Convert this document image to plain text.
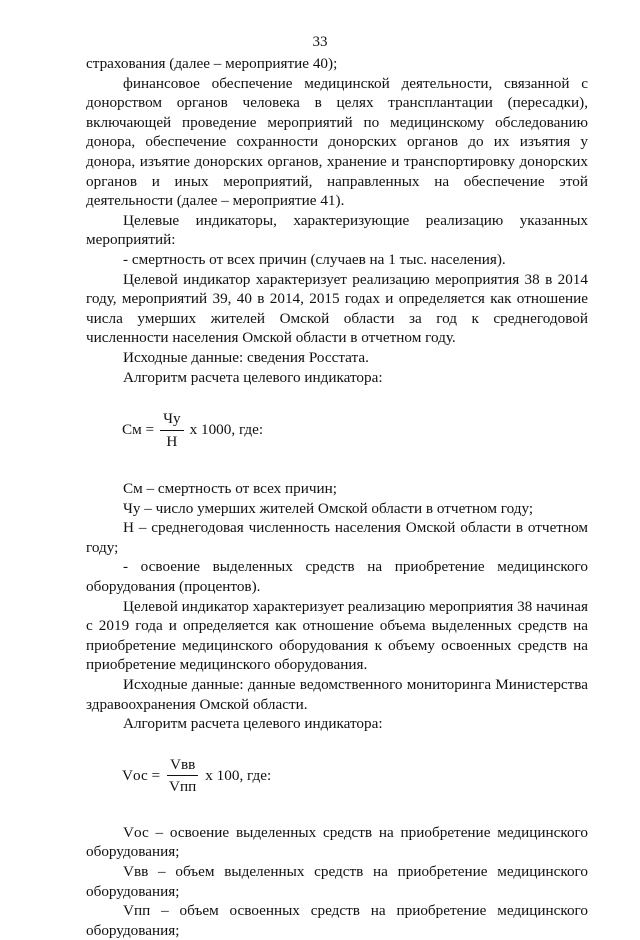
33

страхования (далее – мероприятие 40);

финансовое обеспечение медицинской деятельности, связанной с донорством органов человека в целях трансплантации (пересадки), включающей проведение мероприятий по медицинскому обследованию донора, обеспечение сохранности донорских органов до их изъятия у донора, изъятие донорских органов, хранение и транспортировку донорских органов и иных мероприятий, направленных на обеспечение этой деятельности (далее – мероприятие 41).

Целевые индикаторы, характеризующие реализацию указанных мероприятий:

- смертность от всех причин (случаев на 1 тыс. населения).

Целевой индикатор характеризует реализацию мероприятия 38 в 2014 году, мероприятий 39, 40 в 2014, 2015 годах и определяется как отношение числа умерших жителей Омской области за год к среднегодовой численности населения Омской области в отчетном году.

Исходные данные: сведения Росстата.

Алгоритм расчета целевого индикатора:

См = $\frac{Чу}{Н}$ x 1000, где:

См – смертность от всех причин;

Чу – число умерших жителей Омской области в отчетном году;

Н – среднегодовая численность населения Омской области в отчетном году;

- освоение выделенных средств на приобретение медицинского оборудования (процентов).

Целевой индикатор характеризует реализацию мероприятия 38 начиная с 2019 года и определяется как отношение объема выделенных средств на приобретение медицинского оборудования к объему освоенных средств на приобретение медицинского оборудования.

Исходные данные: данные ведомственного мониторинга Министерства здравоохранения Омской области.

Алгоритм расчета целевого индикатора:

Vос = $\frac{\text{Vвв}}{\text{Vпп}}$ x 100, где:

Vос – освоение выделенных средств на приобретение медицинского оборудования;

Vвв – объем выделенных средств на приобретение медицинского оборудования;

Vпп – объем освоенных средств на приобретение медицинского оборудования;
